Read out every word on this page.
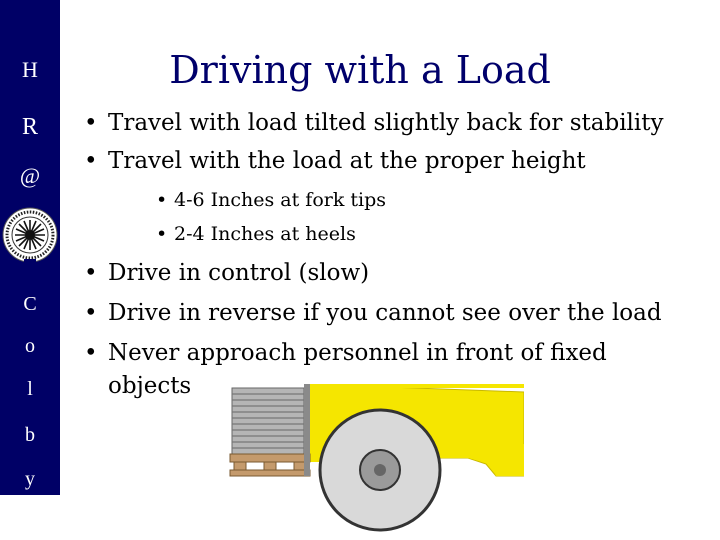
H
R
@
C
o
l
b
y
Driving with a Load
• Travel with load tilted slightly back for stability
• Travel with the load at the proper height
• 4-6 Inches at fork tips
• 2-4 Inches at heels
• Drive in control (slow)
• Drive in reverse if you cannot see over the load
• Never approach personnel in front of fixed
objects
